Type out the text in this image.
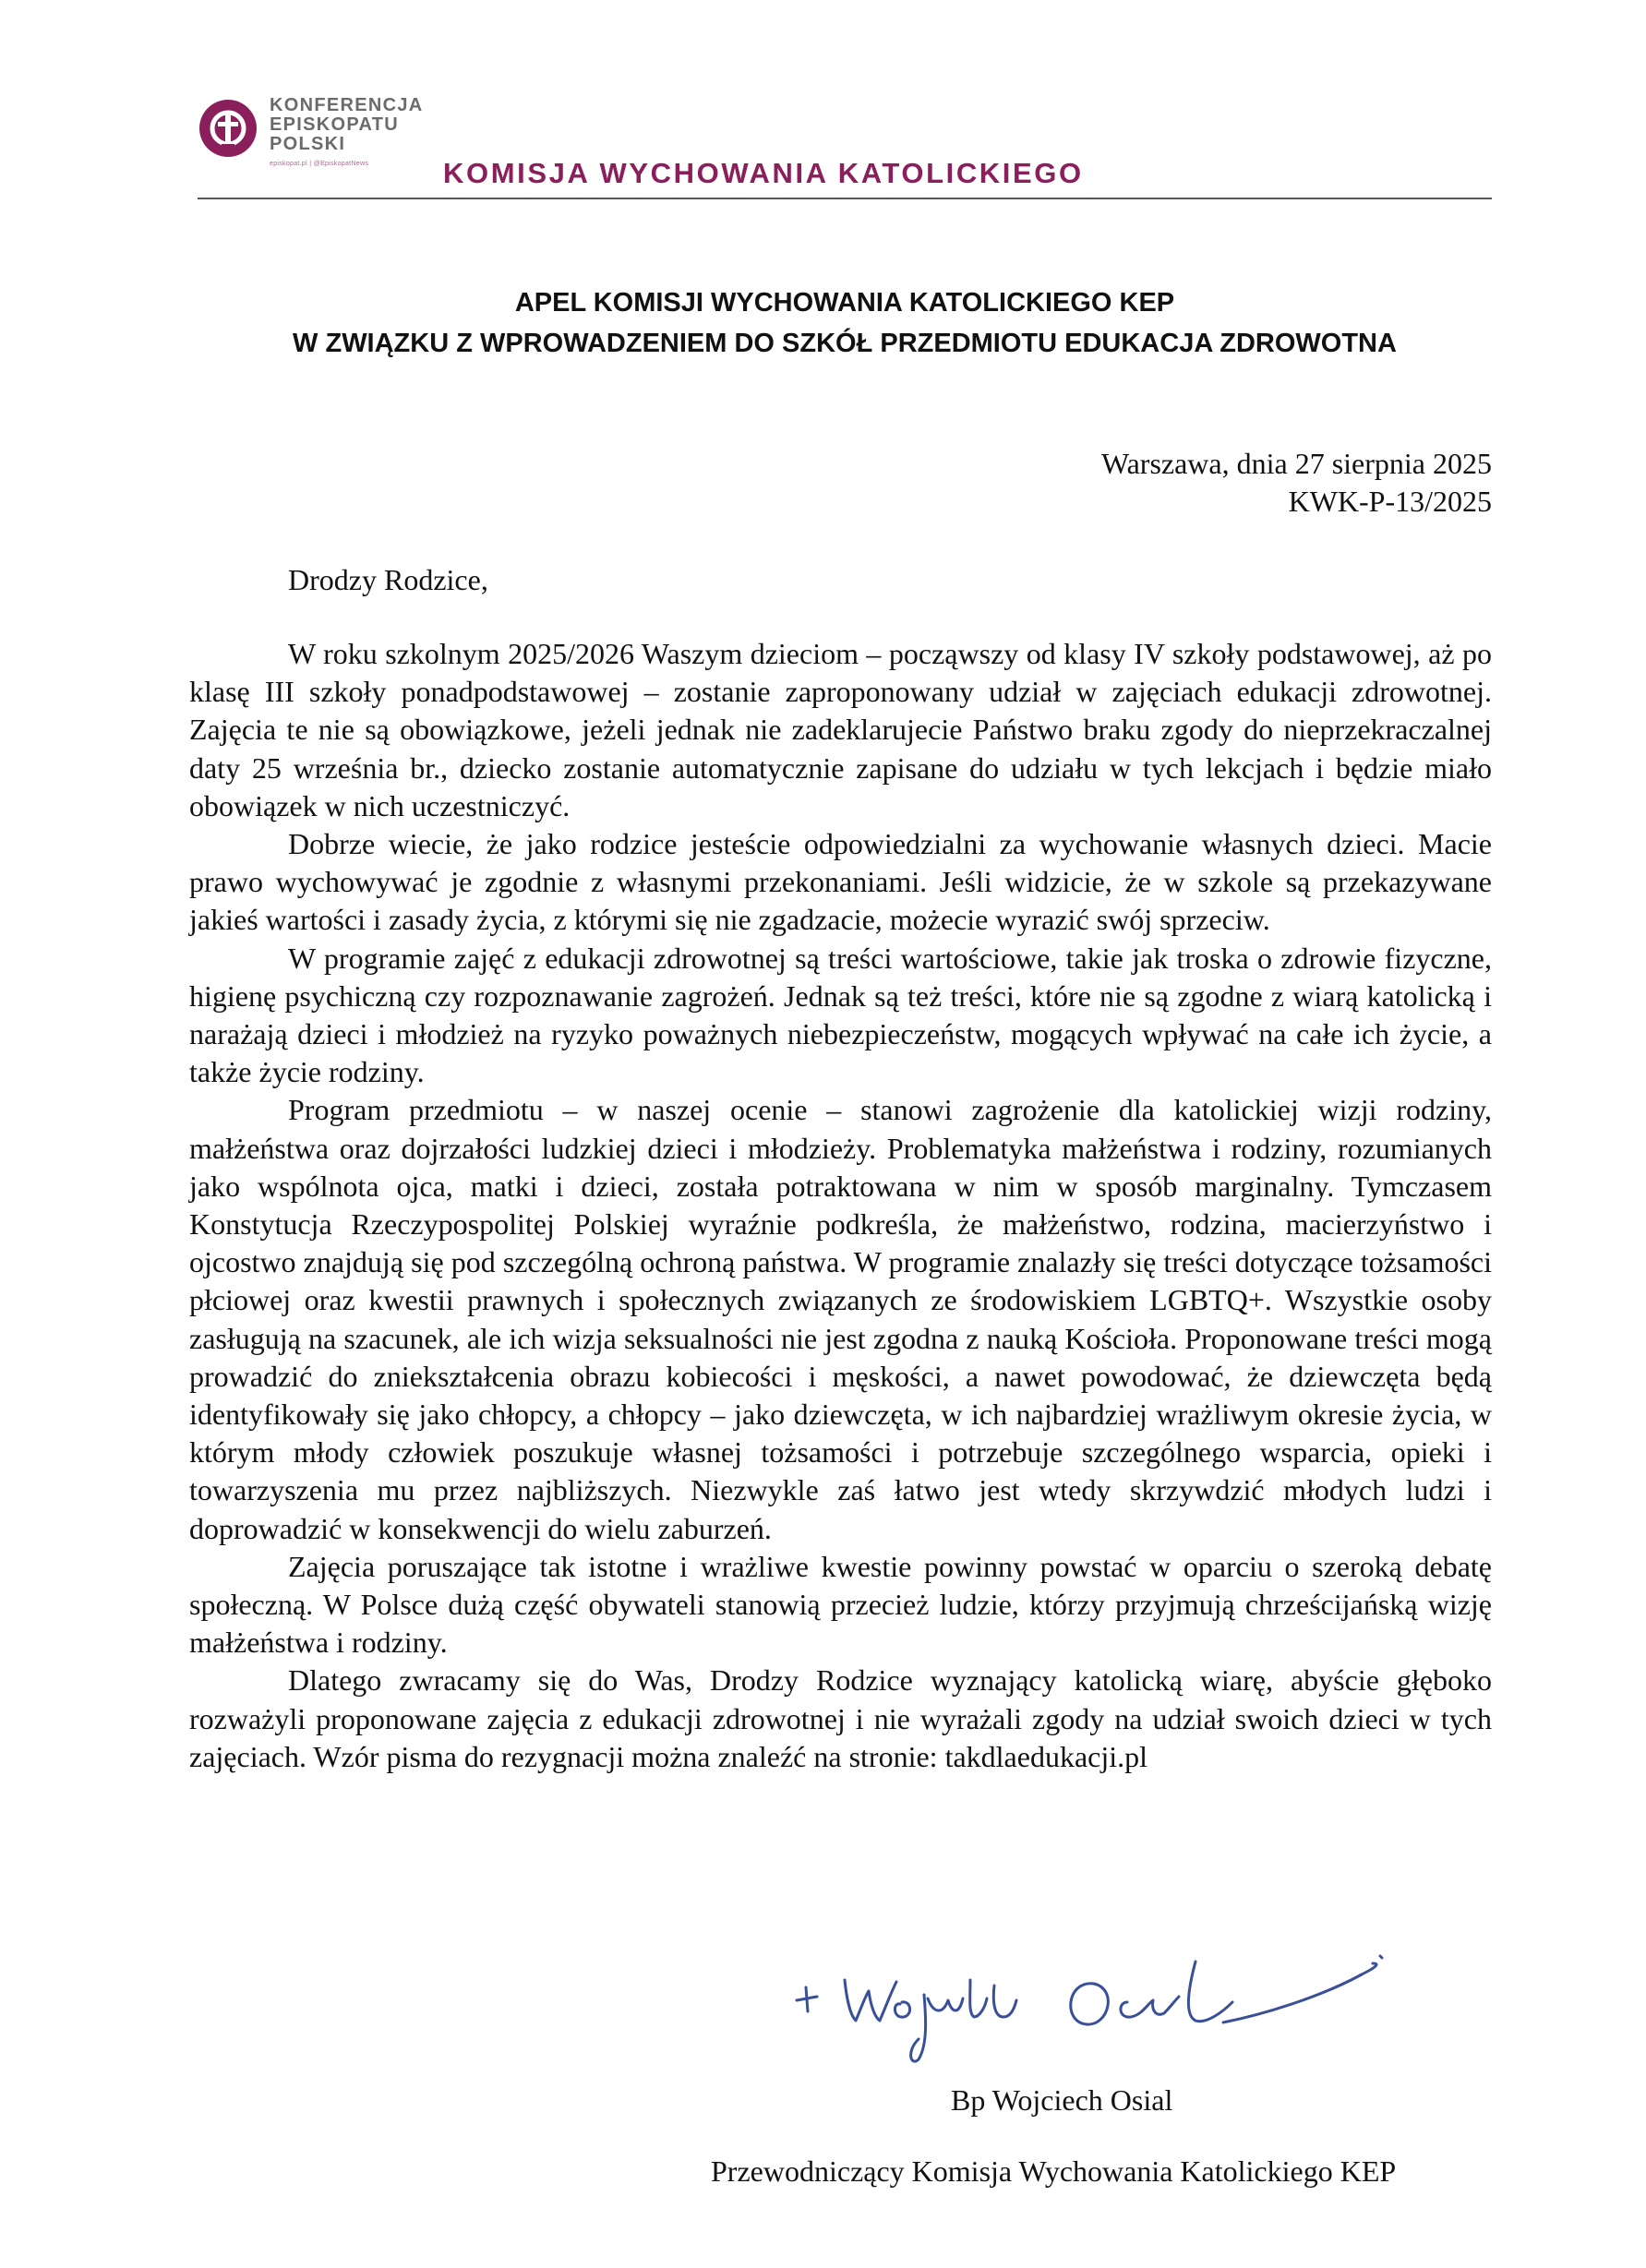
KONFERENCJA
EPISKOPATU
POLSKI
episkopat.pl | @EpiskopatNews	KOMISJA WYCHOWANIA KATOLICKIEGO
APEL KOMISJI WYCHOWANIA KATOLICKIEGO KEP
W ZWIĄZKU Z WPROWADZENIEM DO SZKÓŁ PRZEDMIOTU EDUKACJA ZDROWOTNA
Warszawa, dnia 27 sierpnia 2025
KWK-P-13/2025
Drodzy Rodzice,

W roku szkolnym 2025/2026 Waszym dzieciom – począwszy od klasy IV szkoły podstawowej, aż po klasę III szkoły ponadpodstawowej – zostanie zaproponowany udział w zajęciach edukacji zdrowotnej. Zajęcia te nie są obowiązkowe, jeżeli jednak nie zadeklarujecie Państwo braku zgody do nieprzekraczalnej daty 25 września br., dziecko zostanie automatycznie zapisane do udziału w tych lekcjach i będzie miało obowiązek w nich uczestniczyć.

Dobrze wiecie, że jako rodzice jesteście odpowiedzialni za wychowanie własnych dzieci. Macie prawo wychowywać je zgodnie z własnymi przekonaniami. Jeśli widzicie, że w szkole są przekazywane jakieś wartości i zasady życia, z którymi się nie zgadzacie, możecie wyrazić swój sprzeciw.

W programie zajęć z edukacji zdrowotnej są treści wartościowe, takie jak troska o zdrowie fizyczne, higienę psychiczną czy rozpoznawanie zagrożeń. Jednak są też treści, które nie są zgodne z wiarą katolicką i narażają dzieci i młodzież na ryzyko poważnych niebezpieczeństw, mogących wpływać na całe ich życie, a także życie rodziny.

Program przedmiotu – w naszej ocenie – stanowi zagrożenie dla katolickiej wizji rodziny, małżeństwa oraz dojrzałości ludzkiej dzieci i młodzieży. Problematyka małżeństwa i rodziny, rozumianych jako wspólnota ojca, matki i dzieci, została potraktowana w nim w sposób marginalny. Tymczasem Konstytucja Rzeczypospolitej Polskiej wyraźnie podkreśla, że małżeństwo, rodzina, macierzyństwo i ojcostwo znajdują się pod szczególną ochroną państwa. W programie znalazły się treści dotyczące tożsamości płciowej oraz kwestii prawnych i społecznych związanych ze środowiskiem LGBTQ+. Wszystkie osoby zasługują na szacunek, ale ich wizja seksualności nie jest zgodna z nauką Kościoła. Proponowane treści mogą prowadzić do zniekształcenia obrazu kobiecości i męskości, a nawet powodować, że dziewczęta będą identyfikowały się jako chłopcy, a chłopcy – jako dziewczęta, w ich najbardziej wrażliwym okresie życia, w którym młody człowiek poszukuje własnej tożsamości i potrzebuje szczególnego wsparcia, opieki i towarzyszenia mu przez najbliższych. Niezwykle zaś łatwo jest wtedy skrzywdzić młodych ludzi i doprowadzić w konsekwencji do wielu zaburzeń.

Zajęcia poruszające tak istotne i wrażliwe kwestie powinny powstać w oparciu o szeroką debatę społeczną. W Polsce dużą część obywateli stanowią przecież ludzie, którzy przyjmują chrześcijańską wizję małżeństwa i rodziny.

Dlatego zwracamy się do Was, Drodzy Rodzice wyznający katolicką wiarę, abyście głęboko rozważyli proponowane zajęcia z edukacji zdrowotnej i nie wyrażali zgody na udział swoich dzieci w tych zajęciach. Wzór pisma do rezygnacji można znaleźć na stronie: takdlaedukacji.pl

Bp Wojciech Osial
Przewodniczący Komisja Wychowania Katolickiego KEP
